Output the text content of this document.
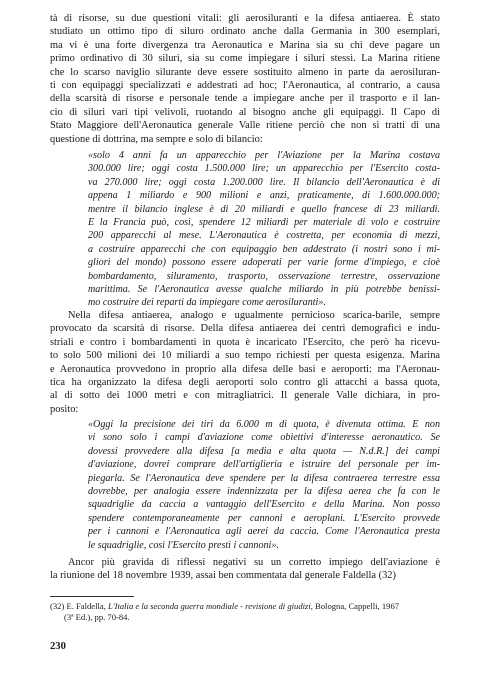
tà di risorse, su due questioni vitali: gli aerosiluranti e la difesa antiaerea. È stato
studiato un ottimo tipo di siluro ordinato anche dalla Germania in 300 esemplari,
ma vi è una forte divergenza tra Aeronautica e Marina sia su chi deve pagare un
primo ordinativo di 30 siluri, sia su come impiegare i siluri stessi. La Marina ritiene
che lo scarso naviglio silurante deve essere sostituito almeno in parte da aerosiluran-
ti con equipaggi specializzati e addestrati ad hoc; l'Aeronautica, al contrario, a causa
della scarsità di risorse e personale tende a impiegare anche per il trasporto e il lan-
cio di siluri vari tipi velivoli, ruotando al bisogno anche gli equipaggi. Il Capo di
Stato Maggiore dell'Aeronautica generale Valle ritiene perciò che non si tratti di una
questione di dottrina, ma sempre e solo di bilancio:
«solo 4 anni fa un apparecchio per l'Aviazione per la Marina costava
300.000 lire; oggi costa 1.500.000 lire; un apparecchio per l'Esercito costa-
va 270.000 lire; oggi costa 1.200.000 lire. Il bilancio dell'Aeronautica è di
appena 1 miliardo e 900 milioni e anzi, praticamente, di 1.600.000.000;
mentre il bilancio inglese è di 20 miliardi e quello francese di 23 miliardi.
E la Francia può, così, spendere 12 miliardi per materiale di volo e costruire
200 apparecchi al mese. L'Aeronautica è costretta, per economia di mezzi,
a costruire apparecchi che con equipaggio ben addestrato (i nostri sono i mi-
gliori del mondo) possono essere adoperati per varie forme d'impiego, e cioè
bombardamento, siluramento, trasporto, osservazione terrestre, osservazione
marittima. Se l'Aeronautica avesse qualche miliardo in più potrebbe benissi-
mo costruire dei reparti da impiegare come aerosiluranti».
Nella difesa antiaerea, analogo e ugualmente pernicioso scarica-barile, sempre
provocato da scarsità di risorse. Della difesa antiaerea dei centri demografici e indu-
striali e contro i bombardamenti in quota è incaricato l'Esercito, che però ha ricevu-
to solo 500 milioni dei 10 miliardi a suo tempo richiesti per questa esigenza. Marina
e Aeronautica provvedono in proprio alla difesa delle basi e aeroporti: ma l'Aeronau-
tica ha organizzato la difesa degli aeroporti solo contro gli attacchi a bassa quota,
al di sotto dei 1000 metri e con mitragliatrici. Il generale Valle dichiara, in pro-
posito:
«Oggi la precisione dei tiri da 6.000 m di quota, è divenuta ottima. E non
vi sono solo i campi d'aviazione come obiettivi d'interesse aeronautico. Se
dovessi provvedere alla difesa [a media e alta quota — N.d.R.] dei campi
d'aviazione, dovrei comprare dell'artiglieria e istruire del personale per im-
piegarla. Se l'Aeronautica deve spendere per la difesa contraerea terrestre essa
dovrebbe, per analogia essere indennizzata per la difesa aerea che fa con le
squadriglie da caccia a vantaggio dell'Esercito e della Marina. Non posso
spendere contemporaneamente per cannoni e aeroplani. L'Esercito provvede
per i cannoni e l'Aeronautica agli aerei da caccia. Come l'Aeronautica presta
le squadriglie, così l'Esercito presti i cannoni».
Ancor più gravida di riflessi negativi su un corretto impiego dell'aviazione è
la riunione del 18 novembre 1939, assai ben commentata dal generale Faldella (32)
(32) E. Faldella, L'Italia e la seconda guerra mondiale - revisione di giudizi, Bologna, Cappelli, 1967
(3ª Ed.), pp. 70-84.
230
